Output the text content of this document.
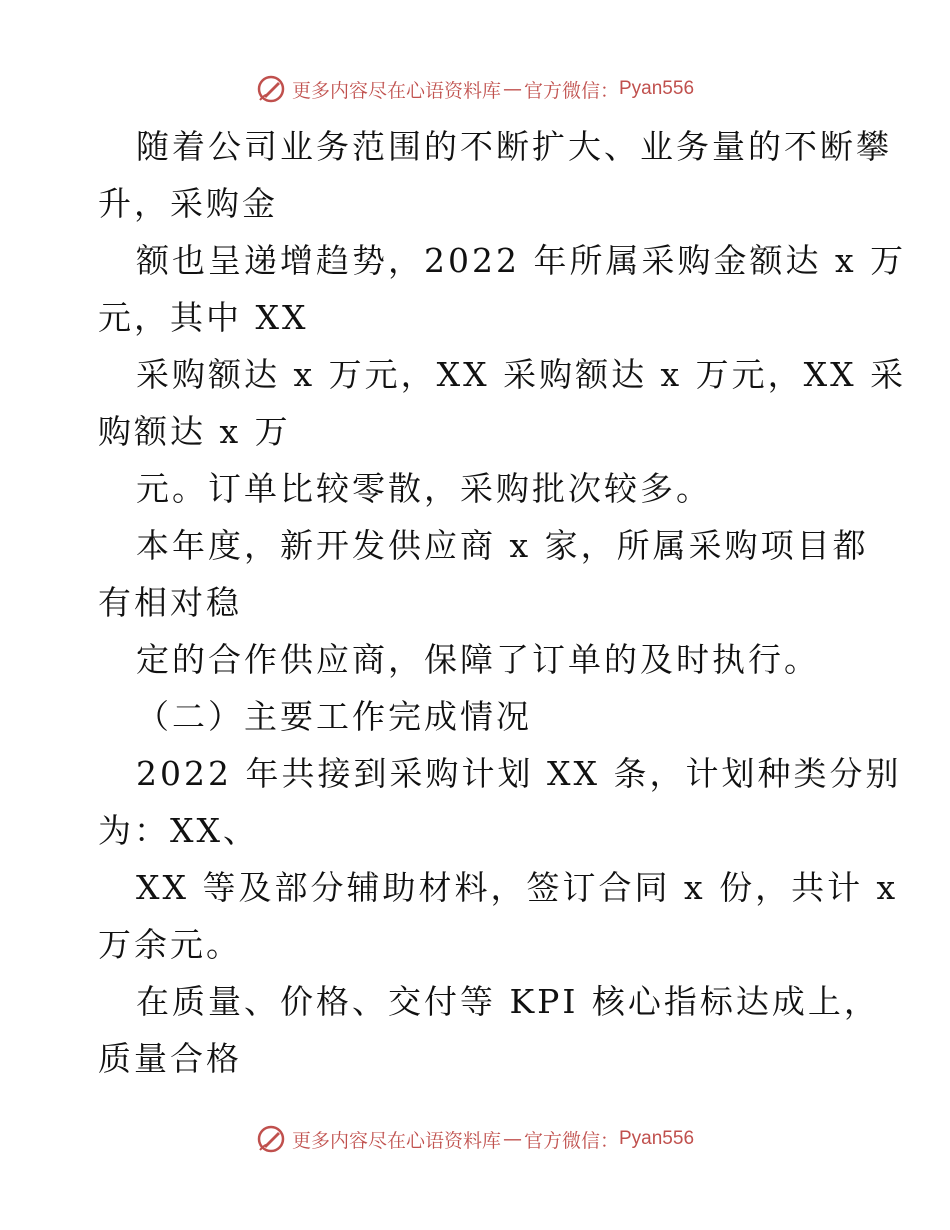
更多内容尽在心语资料库 — 官方微信： Pyan556
随着公司业务范围的不断扩大、业务量的不断攀
升，采购金
额也呈递增趋势，2022 年所属采购金额达 x 万
元，其中 XX
采购额达 x 万元，XX 采购额达 x 万元，XX 采
购额达 x 万
元。订单比较零散，采购批次较多。
本年度，新开发供应商 x 家，所属采购项目都
有相对稳
定的合作供应商，保障了订单的及时执行。
（二）主要工作完成情况
2022 年共接到采购计划 XX 条，计划种类分别
为：XX、
XX 等及部分辅助材料，签订合同 x 份，共计 x
万余元。
在质量、价格、交付等 KPI 核心指标达成上，
质量合格
更多内容尽在心语资料库 — 官方微信： Pyan556
